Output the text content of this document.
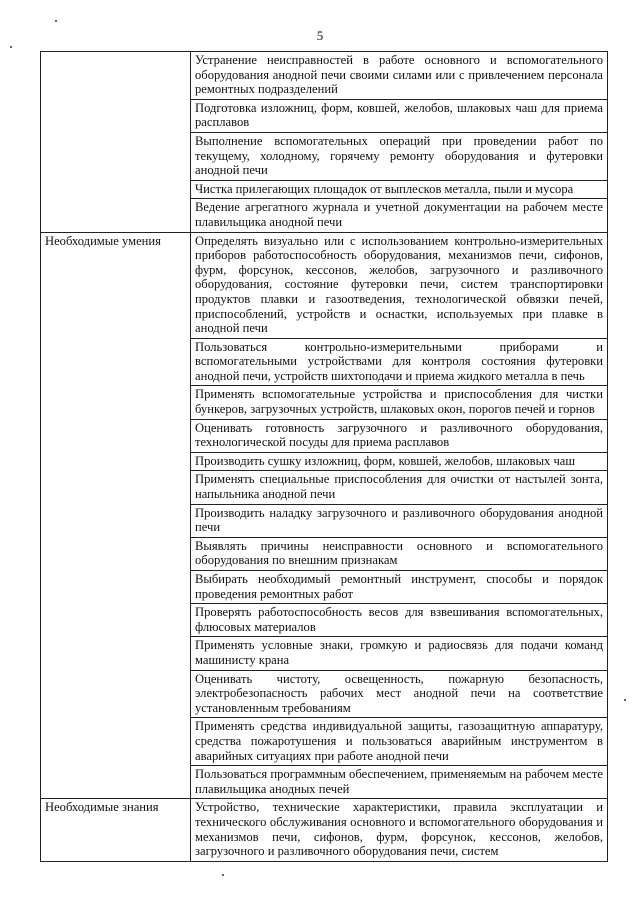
5
	Устранение неисправностей в работе основного и вспомогательного оборудования анодной печи своими силами или с привлечением персонала ремонтных подразделений
	Подготовка изложниц, форм, ковшей, желобов, шлаковых чаш для приема расплавов
	Выполнение вспомогательных операций при проведении работ по текущему, холодному, горячему ремонту оборудования и футеровки анодной печи
	Чистка прилегающих площадок от выплесков металла, пыли и мусора
	Ведение агрегатного журнала и учетной документации на рабочем месте плавильщика анодной печи
Необходимые умения	Определять визуально или с использованием контрольно-измерительных приборов работоспособность оборудования, механизмов печи, сифонов, фурм, форсунок, кессонов, желобов, загрузочного и разливочного оборудования, состояние футеровки печи, систем транспортировки продуктов плавки и газоотведения, технологической обвязки печей, приспособлений, устройств и оснастки, используемых при плавке в анодной печи
	Пользоваться контрольно-измерительными приборами и вспомогательными устройствами для контроля состояния футеровки анодной печи, устройств шихтоподачи и приема жидкого металла в печь
	Применять вспомогательные устройства и приспособления для чистки бункеров, загрузочных устройств, шлаковых окон, порогов печей и горнов
	Оценивать готовность загрузочного и разливочного оборудования, технологической посуды для приема расплавов
	Производить сушку изложниц, форм, ковшей, желобов, шлаковых чаш
	Применять специальные приспособления для очистки от настылей зонта, напыльника анодной печи
	Производить наладку загрузочного и разливочного оборудования анодной печи
	Выявлять причины неисправности основного и вспомогательного оборудования по внешним признакам
	Выбирать необходимый ремонтный инструмент, способы и порядок проведения ремонтных работ
	Проверять работоспособность весов для взвешивания вспомогательных, флюсовых материалов
	Применять условные знаки, громкую и радиосвязь для подачи команд машинисту крана
	Оценивать чистоту, освещенность, пожарную безопасность, электробезопасность рабочих мест анодной печи на соответствие установленным требованиям
	Применять средства индивидуальной защиты, газозащитную аппаратуру, средства пожаротушения и пользоваться аварийным инструментом в аварийных ситуациях при работе анодной печи
	Пользоваться программным обеспечением, применяемым на рабочем месте плавильщика анодных печей
Необходимые знания	Устройство, технические характеристики, правила эксплуатации и технического обслуживания основного и вспомогательного оборудования и механизмов печи, сифонов, фурм, форсунок, кессонов, желобов, загрузочного и разливочного оборудования печи, систем
